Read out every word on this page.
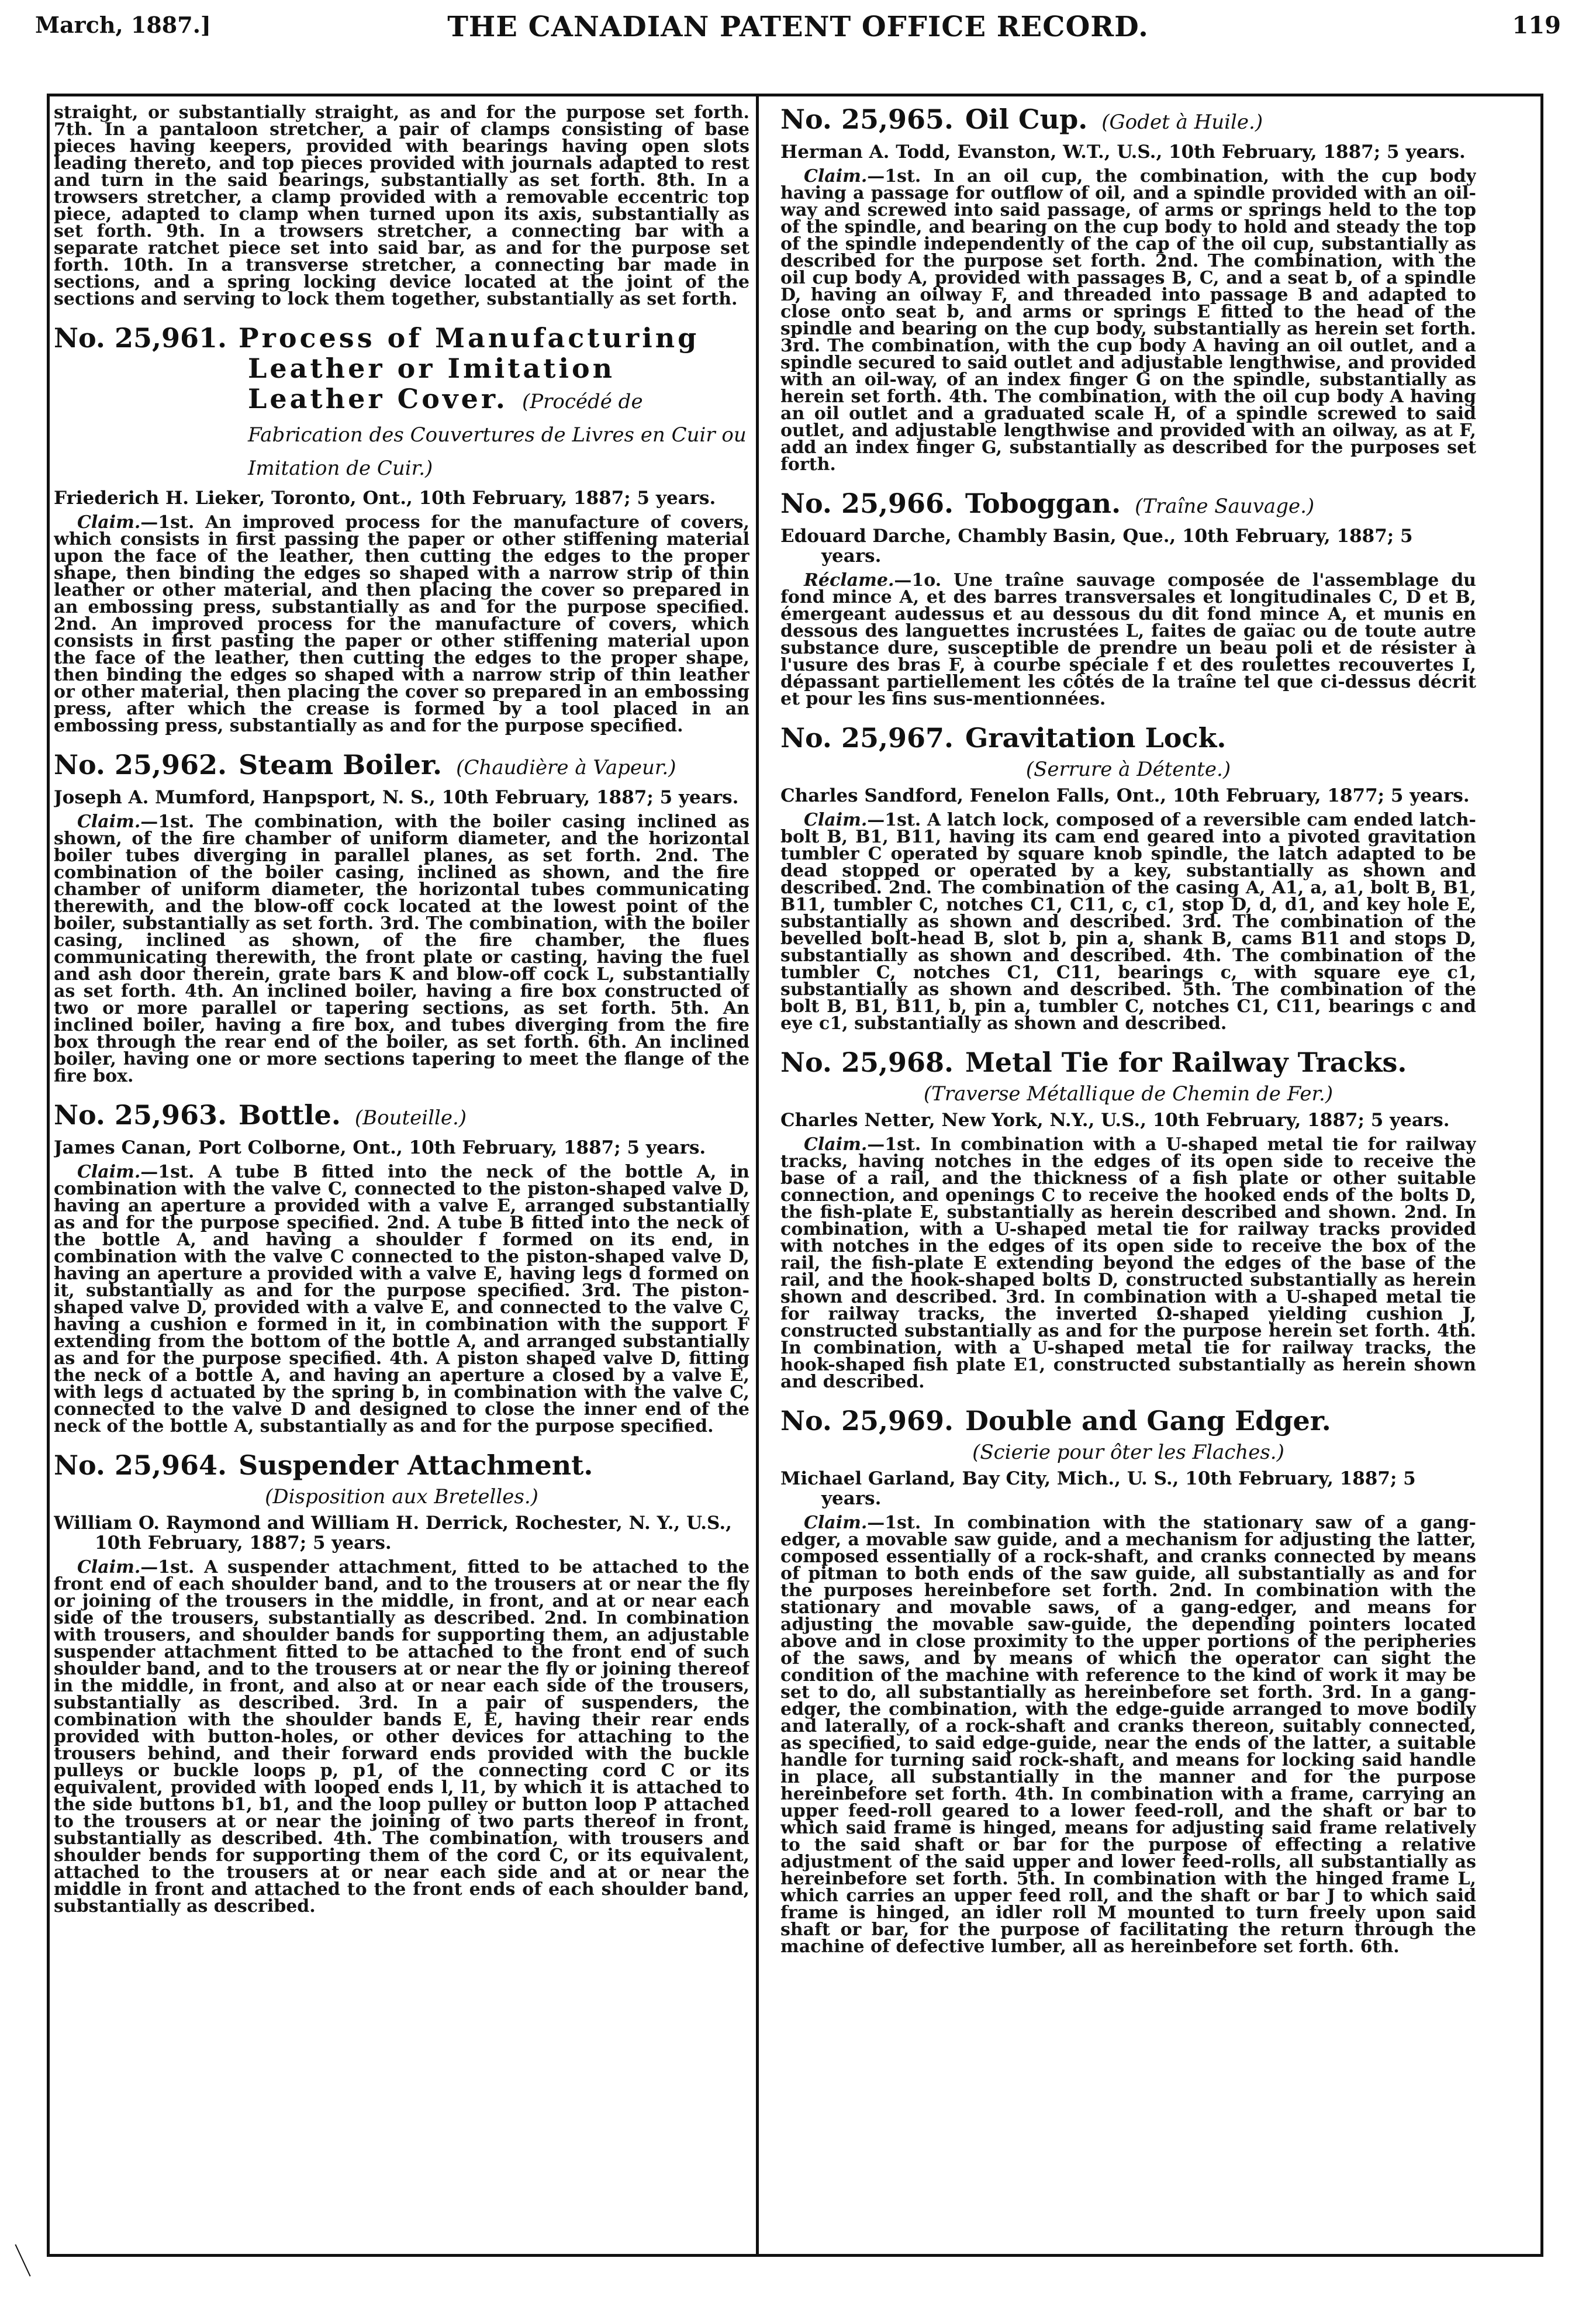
March, 1887.]	THE CANADIAN PATENT OFFICE RECORD.	119

straight, or substantially straight, as and for the purpose set forth. 7th. In a pantaloon stretcher, a pair of clamps consisting of base pieces having keepers, provided with bearings having open slots leading thereto, and top pieces provided with journals adapted to rest and turn in the said bearings, substantially as set forth. 8th. In a trowsers stretcher, a clamp provided with a removable eccentric top piece, adapted to clamp when turned upon its axis, substantially as set forth. 9th. In a trowsers stretcher, a connecting bar with a separate ratchet piece set into said bar, as and for the purpose set forth. 10th. In a transverse stretcher, a connecting bar made in sections, and a spring locking device located at the joint of the sections and serving to lock them together, substantially as set forth.

No. 25,961. Process of Manufacturing Leather or Imitation Leather Cover. (Procédé de Fabrication des Couvertures de Livres en Cuir ou Imitation de Cuir.)

Friederich H. Lieker, Toronto, Ont., 10th February, 1887; 5 years.

Claim.—1st. An improved process for the manufacture of covers, which consists in first passing the paper or other stiffening material upon the face of the leather, then cutting the edges to the proper shape, then binding the edges so shaped with a narrow strip of thin leather or other material, and then placing the cover so prepared in an embossing press, substantially as and for the purpose specified. 2nd. An improved process for the manufacture of covers, which consists in first pasting the paper or other stiffening material upon the face of the leather, then cutting the edges to the proper shape, then binding the edges so shaped with a narrow strip of thin leather or other material, then placing the cover so prepared in an embossing press, after which the crease is formed by a tool placed in an embossing press, substantially as and for the purpose specified.

No. 25,962. Steam Boiler. (Chaudière à Vapeur.)

Joseph A. Mumford, Hanpsport, N. S., 10th February, 1887; 5 years.

Claim.—1st. The combination, with the boiler casing inclined as shown, of the fire chamber of uniform diameter, and the horizontal boiler tubes diverging in parallel planes, as set forth. 2nd. The combination of the boiler casing, inclined as shown, and the fire chamber of uniform diameter, the horizontal tubes communicating therewith, and the blow-off cock located at the lowest point of the boiler, substantially as set forth. 3rd. The combination, with the boiler casing, inclined as shown, of the fire chamber, the flues communicating therewith, the front plate or casting, having the fuel and ash door therein, grate bars K and blow-off cock L, substantially as set forth. 4th. An inclined boiler, having a fire box constructed of two or more parallel or tapering sections, as set forth. 5th. An inclined boiler, having a fire box, and tubes diverging from the fire box through the rear end of the boiler, as set forth. 6th. An inclined boiler, having one or more sections tapering to meet the flange of the fire box.

No. 25,963. Bottle. (Bouteille.)

James Canan, Port Colborne, Ont., 10th February, 1887; 5 years.

Claim.—1st. A tube B fitted into the neck of the bottle A, in combination with the valve C, connected to the piston-shaped valve D, having an aperture a provided with a valve E, arranged substantially as and for the purpose specified. 2nd. A tube B fitted into the neck of the bottle A, and having a shoulder f formed on its end, in combination with the valve C connected to the piston-shaped valve D, having an aperture a provided with a valve E, having legs d formed on it, substantially as and for the purpose specified. 3rd. The piston-shaped valve D, provided with a valve E, and connected to the valve C, having a cushion e formed in it, in combination with the support F extending from the bottom of the bottle A, and arranged substantially as and for the purpose specified. 4th. A piston shaped valve D, fitting the neck of a bottle A, and having an aperture a closed by a valve E, with legs d actuated by the spring b, in combination with the valve C, connected to the valve D and designed to close the inner end of the neck of the bottle A, substantially as and for the purpose specified.

No. 25,964. Suspender Attachment.

(Disposition aux Bretelles.)

William O. Raymond and William H. Derrick, Rochester, N. Y., U.S., 10th February, 1887; 5 years.

Claim.—1st. A suspender attachment, fitted to be attached to the front end of each shoulder band, and to the trousers at or near the fly or joining of the trousers in the middle, in front, and at or near each side of the trousers, substantially as described. 2nd. In combination with trousers, and shoulder bands for supporting them, an adjustable suspender attachment fitted to be attached to the front end of such shoulder band, and to the trousers at or near the fly or joining thereof in the middle, in front, and also at or near each side of the trousers, substantially as described. 3rd. In a pair of suspenders, the combination with the shoulder bands E, E, having their rear ends provided with button-holes, or other devices for attaching to the trousers behind, and their forward ends provided with the buckle pulleys or buckle loops p, p1, of the connecting cord C or its equivalent, provided with looped ends l, l1, by which it is attached to the side buttons b1, b1, and the loop pulley or button loop P attached to the trousers at or near the joining of two parts thereof in front, substantially as described. 4th. The combination, with trousers and shoulder bends for supporting them of the cord C, or its equivalent, attached to the trousers at or near each side and at or near the middle in front and attached to the front ends of each shoulder band, substantially as described.

No. 25,965. Oil Cup. (Godet à Huile.)

Herman A. Todd, Evanston, W.T., U.S., 10th February, 1887; 5 years.

Claim.—1st. In an oil cup, the combination, with the cup body having a passage for outflow of oil, and a spindle provided with an oil-way and screwed into said passage, of arms or springs held to the top of the spindle, and bearing on the cup body to hold and steady the top of the spindle independently of the cap of the oil cup, substantially as described for the purpose set forth. 2nd. The combination, with the oil cup body A, provided with passages B, C, and a seat b, of a spindle D, having an oilway F, and threaded into passage B and adapted to close onto seat b, and arms or springs E fitted to the head of the spindle and bearing on the cup body, substantially as herein set forth. 3rd. The combination, with the cup body A having an oil outlet, and a spindle secured to said outlet and adjustable lengthwise, and provided with an oil-way, of an index finger G on the spindle, substantially as herein set forth. 4th. The combination, with the oil cup body A having an oil outlet and a graduated scale H, of a spindle screwed to said outlet, and adjustable lengthwise and provided with an oilway, as at F, add an index finger G, substantially as described for the purposes set forth.

No. 25,966. Toboggan. (Traîne Sauvage.)

Edouard Darche, Chambly Basin, Que., 10th February, 1887; 5 years.

Réclame.—1o. Une traîne sauvage composée de l'assemblage du fond mince A, et des barres transversales et longitudinales C, D et B, émergeant audessus et au dessous du dit fond mince A, et munis en dessous des languettes incrustées L, faites de gaïac ou de toute autre substance dure, susceptible de prendre un beau poli et de résister à l'usure des bras F, à courbe spéciale f et des roulettes recouvertes I, dépassant partiellement les côtés de la traîne tel que ci-dessus décrit et pour les fins sus-mentionnées.

No. 25,967. Gravitation Lock.

(Serrure à Détente.)

Charles Sandford, Fenelon Falls, Ont., 10th February, 1877; 5 years.

Claim.—1st. A latch lock, composed of a reversible cam ended latch-bolt B, B1, B11, having its cam end geared into a pivoted gravitation tumbler C operated by square knob spindle, the latch adapted to be dead stopped or operated by a key, substantially as shown and described. 2nd. The combination of the casing A, A1, a, a1, bolt B, B1, B11, tumbler C, notches C1, C11, c, c1, stop D, d, d1, and key hole E, substantially as shown and described. 3rd. The combination of the bevelled bolt-head B, slot b, pin a, shank B, cams B11 and stops D, substantially as shown and described. 4th. The combination of the tumbler C, notches C1, C11, bearings c, with square eye c1, substantially as shown and described. 5th. The combination of the bolt B, B1, B11, b, pin a, tumbler C, notches C1, C11, bearings c and eye c1, substantially as shown and described.

No. 25,968. Metal Tie for Railway Tracks.

(Traverse Métallique de Chemin de Fer.)

Charles Netter, New York, N.Y., U.S., 10th February, 1887; 5 years.

Claim.—1st. In combination with a U-shaped metal tie for railway tracks, having notches in the edges of its open side to receive the base of a rail, and the thickness of a fish plate or other suitable connection, and openings C to receive the hooked ends of the bolts D, the fish-plate E, substantially as herein described and shown. 2nd. In combination, with a U-shaped metal tie for railway tracks provided with notches in the edges of its open side to receive the box of the rail, the fish-plate E extending beyond the edges of the base of the rail, and the hook-shaped bolts D, constructed substantially as herein shown and described. 3rd. In combination with a U-shaped metal tie for railway tracks, the inverted Ω-shaped yielding cushion J, constructed substantially as and for the purpose herein set forth. 4th. In combination, with a U-shaped metal tie for railway tracks, the hook-shaped fish plate E1, constructed substantially as herein shown and described.

No. 25,969. Double and Gang Edger.

(Scierie pour ôter les Flaches.)

Michael Garland, Bay City, Mich., U. S., 10th February, 1887; 5 years.

Claim.—1st. In combination with the stationary saw of a gang-edger, a movable saw guide, and a mechanism for adjusting the latter, composed essentially of a rock-shaft, and cranks connected by means of pitman to both ends of the saw guide, all substantially as and for the purposes hereinbefore set forth. 2nd. In combination with the stationary and movable saws, of a gang-edger, and means for adjusting the movable saw-guide, the depending pointers located above and in close proximity to the upper portions of the peripheries of the saws, and by means of which the operator can sight the condition of the machine with reference to the kind of work it may be set to do, all substantially as hereinbefore set forth. 3rd. In a gang-edger, the combination, with the edge-guide arranged to move bodily and laterally, of a rock-shaft and cranks thereon, suitably connected, as specified, to said edge-guide, near the ends of the latter, a suitable handle for turning said rock-shaft, and means for locking said handle in place, all substantially in the manner and for the purpose hereinbefore set forth. 4th. In combination with a frame, carrying an upper feed-roll geared to a lower feed-roll, and the shaft or bar to which said frame is hinged, means for adjusting said frame relatively to the said shaft or bar for the purpose of effecting a relative adjustment of the said upper and lower feed-rolls, all substantially as hereinbefore set forth. 5th. In combination with the hinged frame L, which carries an upper feed roll, and the shaft or bar J to which said frame is hinged, an idler roll M mounted to turn freely upon said shaft or bar, for the purpose of facilitating the return through the machine of defective lumber, all as hereinbefore set forth. 6th.
